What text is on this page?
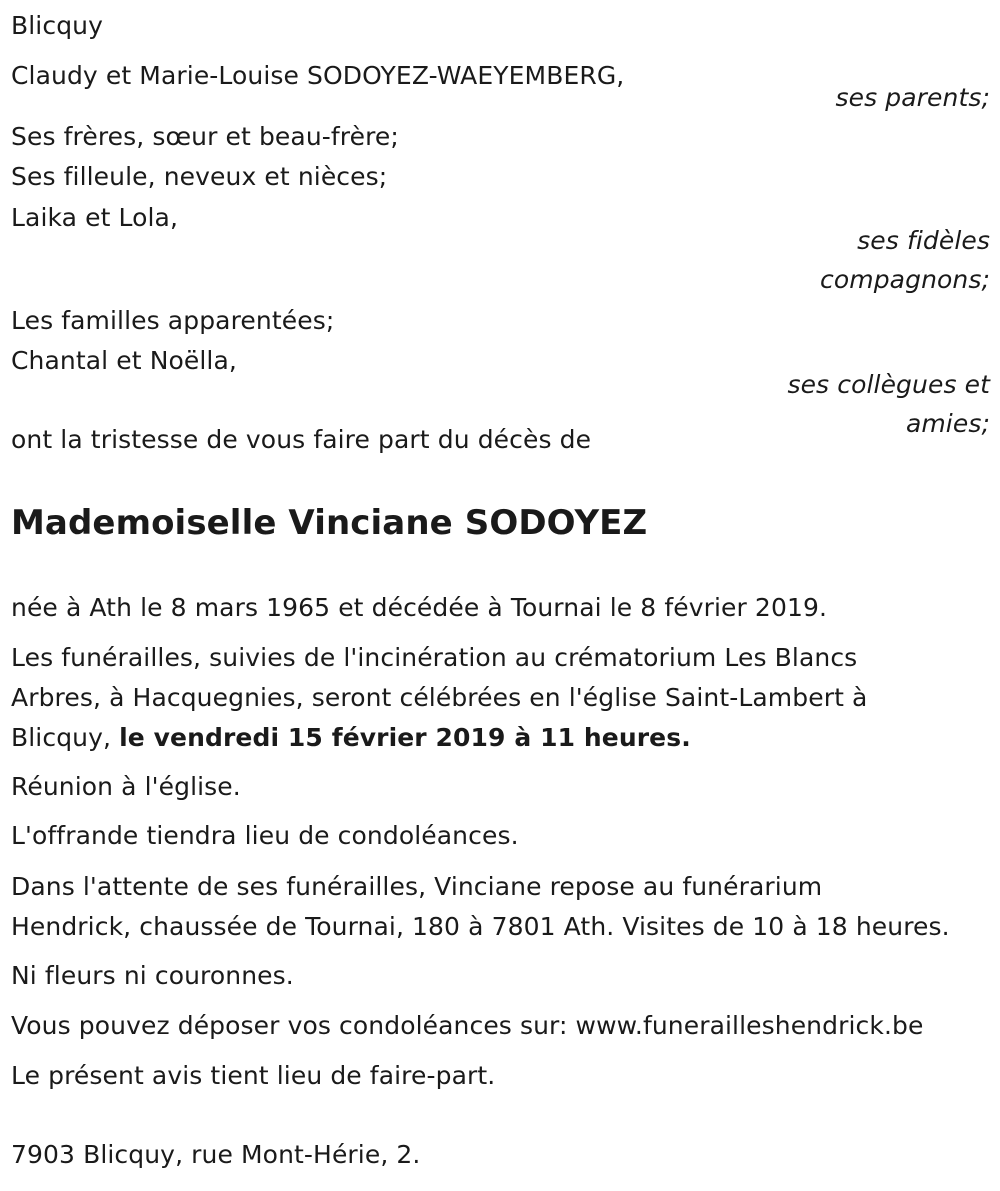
Blicquy

Claudy et Marie-Louise SODOYEZ-WAEYEMBERG,

ses parents;

Ses frères, sœur et beau-frère;

Ses filleule, neveux et nièces;

Laika et Lola,

ses fidèles

compagnons;

Les familles apparentées;

Chantal et Noëlla,

ses collègues et

amies;

ont la tristesse de vous faire part du décès de

Mademoiselle Vinciane SODOYEZ

née à Ath le 8 mars 1965 et décédée à Tournai le 8 février 2019.

Les funérailles, suivies de l'incinération au crématorium Les Blancs

Arbres, à Hacquegnies, seront célébrées en l'église Saint-Lambert à

Blicquy, le vendredi 15 février 2019 à 11 heures.

Réunion à l'église.

L'offrande tiendra lieu de condoléances.

Dans l'attente de ses funérailles, Vinciane repose au funérarium

Hendrick, chaussée de Tournai, 180 à 7801 Ath. Visites de 10 à 18 heures.

Ni fleurs ni couronnes.

Vous pouvez déposer vos condoléances sur: www.funerailleshendrick.be

Le présent avis tient lieu de faire-part.

7903 Blicquy, rue Mont-Hérie, 2.
